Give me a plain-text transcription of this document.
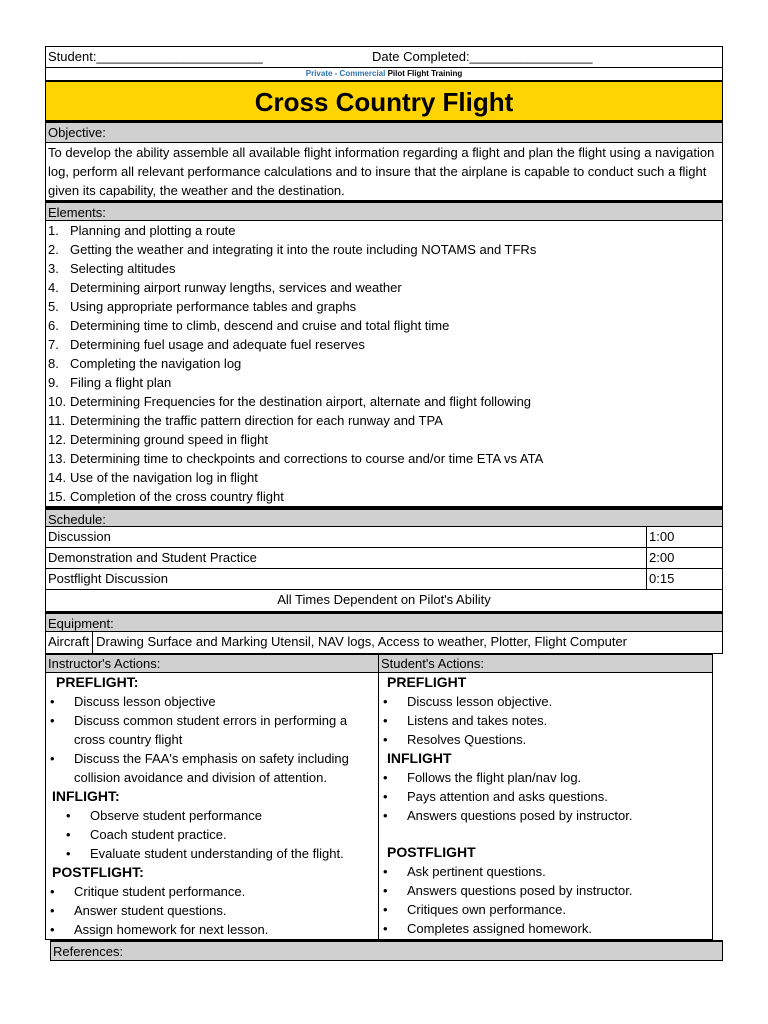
Student:_______________________	Date Completed:_________________
Private - Commercial Pilot Flight Training
Cross Country Flight
Objective:
To develop the ability assemble all available flight information regarding a flight and plan the flight using a navigation log, perform all relevant performance calculations and to insure that the airplane is capable to conduct such a flight given its capability, the weather and the destination.
Elements:
1. Planning and plotting a route
2. Getting the weather and integrating it into the route including NOTAMS and TFRs
3. Selecting altitudes
4. Determining airport runway lengths, services and weather
5. Using appropriate performance tables and graphs
6. Determining time to climb, descend and cruise and total flight time
7. Determining fuel usage and adequate fuel reserves
8. Completing the navigation log
9. Filing a flight plan
10. Determining Frequencies for the destination airport, alternate and flight following
11. Determining the traffic pattern direction for each runway and TPA
12. Determining ground speed in flight
13. Determining time to checkpoints and corrections to course and/or time ETA vs ATA
14. Use of the navigation log in flight
15. Completion of the cross country flight
Schedule:
Discussion	1:00
Demonstration and Student Practice	2:00
Postflight Discussion	0:15
All Times Dependent on Pilot's Ability
Equipment:
Aircraft Drawing Surface and Marking Utensil, NAV logs, Access to weather, Plotter, Flight Computer
Instructor's Actions:
PREFLIGHT:
•	Discuss lesson objective
•	Discuss common student errors in performing a cross country flight
•	Discuss the FAA's emphasis on safety including collision avoidance and division of attention.
INFLIGHT:
•	Observe student performance
•	Coach student practice.
•	Evaluate student understanding of the flight.
POSTFLIGHT:
•	Critique student performance.
•	Answer student questions.
•	Assign homework for next lesson.
Student's Actions:
PREFLIGHT
•	Discuss lesson objective.
•	Listens and takes notes.
•	Resolves Questions.
INFLIGHT
•	Follows the flight plan/nav log.
•	Pays attention and asks questions.
•	Answers questions posed by instructor.
POSTFLIGHT
•	Ask pertinent questions.
•	Answers questions posed by instructor.
•	Critiques own performance.
•	Completes assigned homework.
References:
